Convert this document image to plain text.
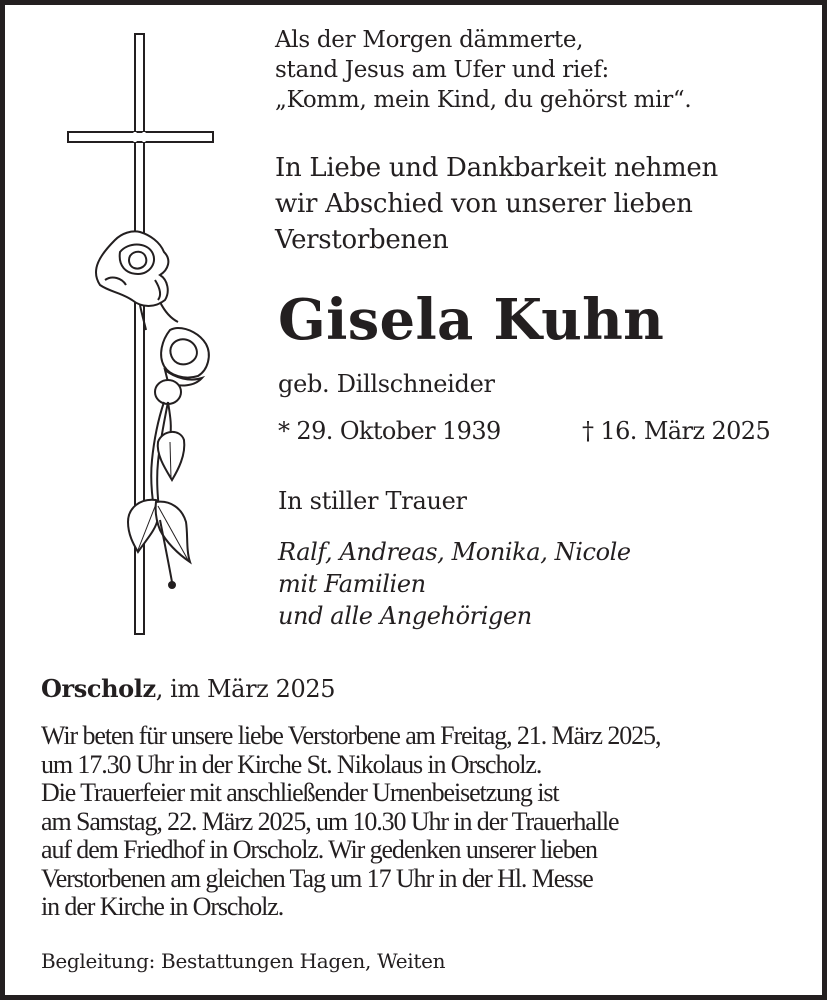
Als der Morgen dämmerte,
stand Jesus am Ufer und rief:
„Komm, mein Kind, du gehörst mir“.
In Liebe und Dankbarkeit nehmen
wir Abschied von unserer lieben
Verstorbenen
Gisela Kuhn
geb. Dillschneider
* 29. Oktober 1939	† 16. März 2025
In stiller Trauer
Ralf, Andreas, Monika, Nicole
mit Familien
und alle Angehörigen
Orscholz, im März 2025
Wir beten für unsere liebe Verstorbene am Freitag, 21. März 2025,
um 17.30 Uhr in der Kirche St. Nikolaus in Orscholz.
Die Trauerfeier mit anschließender Urnenbeisetzung ist
am Samstag, 22. März 2025, um 10.30 Uhr in der Trauerhalle
auf dem Friedhof in Orscholz. Wir gedenken unserer lieben
Verstorbenen am gleichen Tag um 17 Uhr in der Hl. Messe
in der Kirche in Orscholz.
Begleitung: Bestattungen Hagen, Weiten
